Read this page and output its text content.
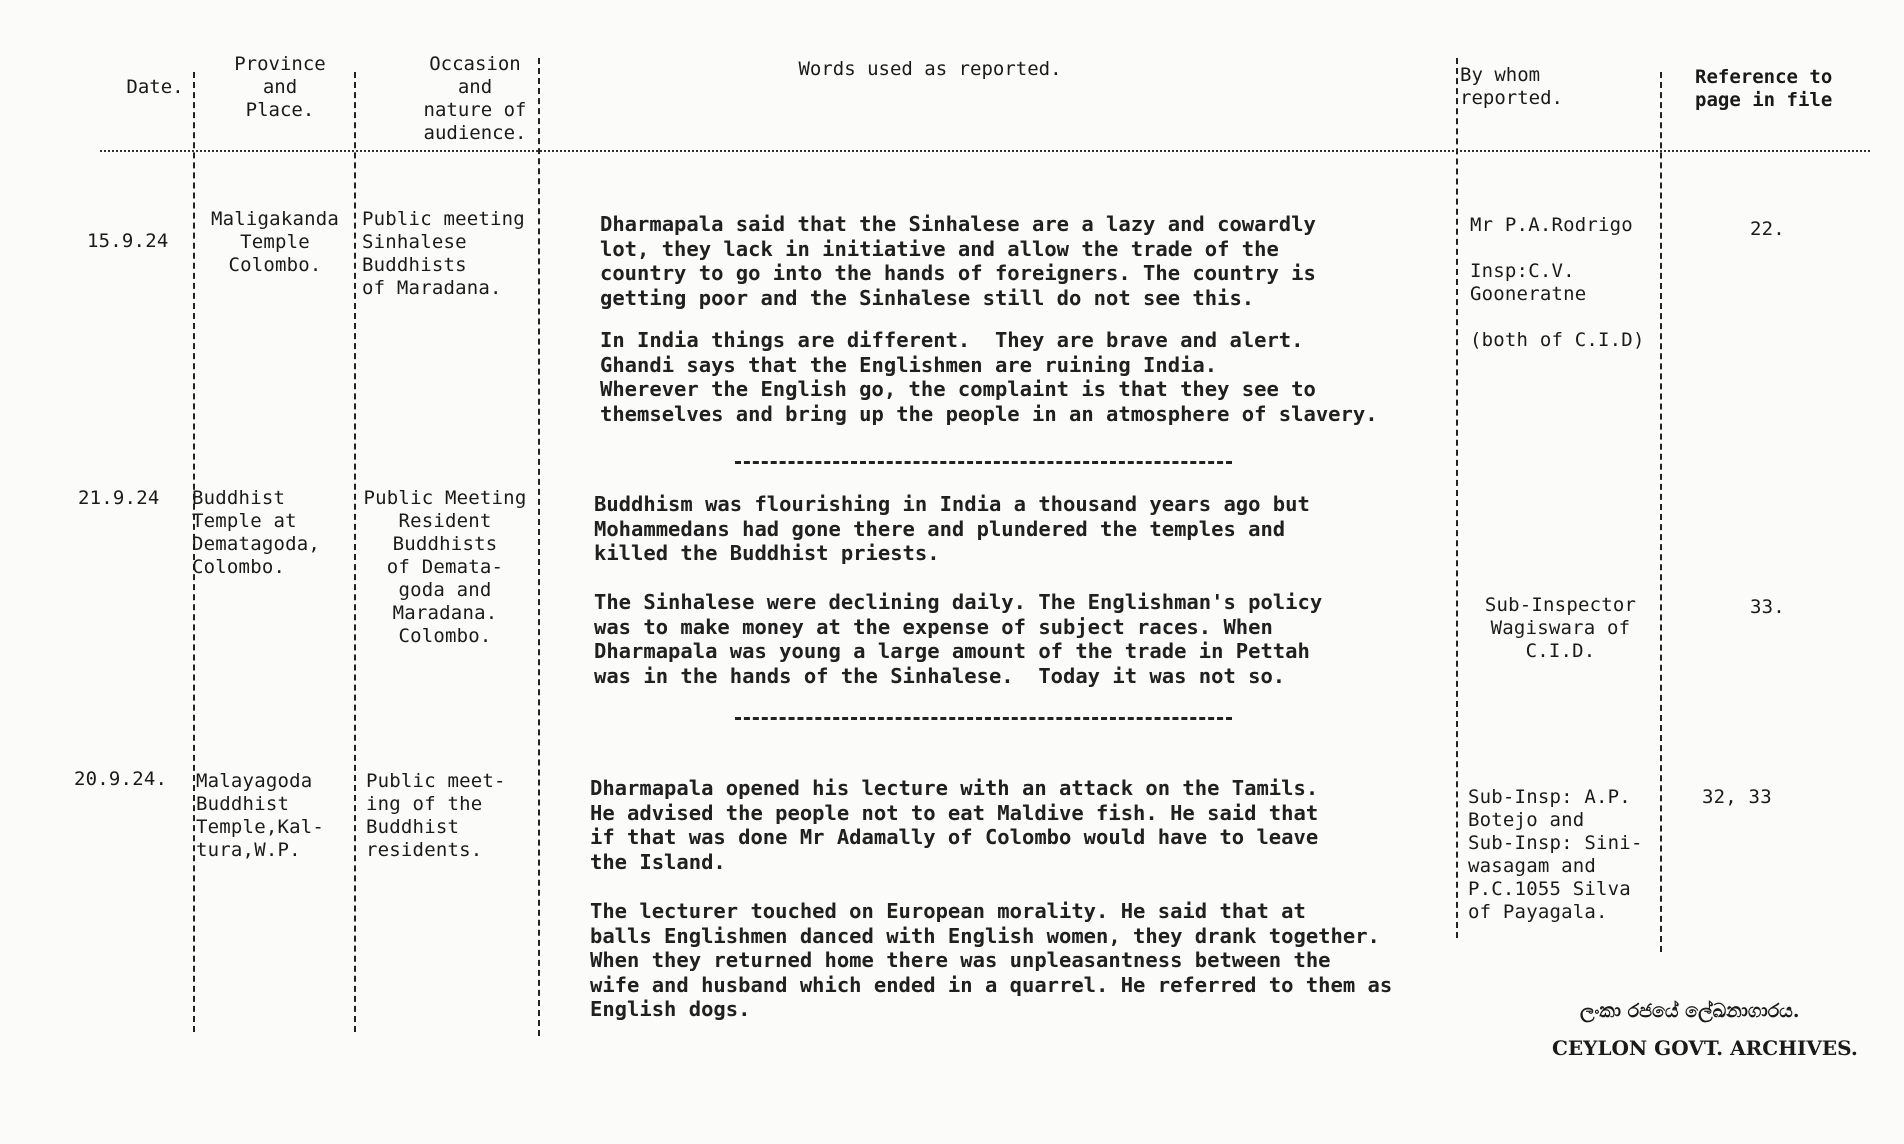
Date.
Province
and
Place.
Occasion
and
nature of
audience.
Words used as reported.	By whom
reported.
Reference to
page in file
15.9.24
Maligakanda
Temple
Colombo.
Public meeting
Sinhalese
Buddhists
of Maradana.
Dharmapala said that the Sinhalese are a lazy and cowardly
lot, they lack in initiative and allow the trade of the
country to go into the hands of foreigners. The country is
getting poor and the Sinhalese still do not see this.
In India things are different.  They are brave and alert.
Ghandi says that the Englishmen are ruining India.
Wherever the English go, the complaint is that they see to
themselves and bring up the people in an atmosphere of slavery.
Mr P.A.Rodrigo

Insp:C.V.
Gooneratne

(both of C.I.D)
22.
21.9.24 Buddhist
Temple at
Dematagoda,
Colombo.
Public Meeting
Resident
Buddhists
of Demata-
goda and
Maradana.
Colombo.
Buddhism was flourishing in India a thousand years ago but
Mohammedans had gone there and plundered the temples and
killed the Buddhist priests.
The Sinhalese were declining daily. The Englishman's policy
was to make money at the expense of subject races. When
Dharmapala was young a large amount of the trade in Pettah
was in the hands of the Sinhalese.  Today it was not so.
Sub-Inspector
Wagiswara of
C.I.D.
33.
20.9.24. Malayagoda
Buddhist
Temple,Kal-
tura,W.P.
Public meet-
ing of the
Buddhist
residents.
Dharmapala opened his lecture with an attack on the Tamils.
He advised the people not to eat Maldive fish. He said that
if that was done Mr Adamally of Colombo would have to leave
the Island.
The lecturer touched on European morality. He said that at
balls Englishmen danced with English women, they drank together.
When they returned home there was unpleasantness between the
wife and husband which ended in a quarrel. He referred to them as
English dogs.
Sub-Insp: A.P.
Botejo and
Sub-Insp: Sini-
wasagam and
P.C.1055 Silva
of Payagala.
32, 33
ලංකා රජයේ ලේඛනාගාරය.
CEYLON GOVT. ARCHIVES.
